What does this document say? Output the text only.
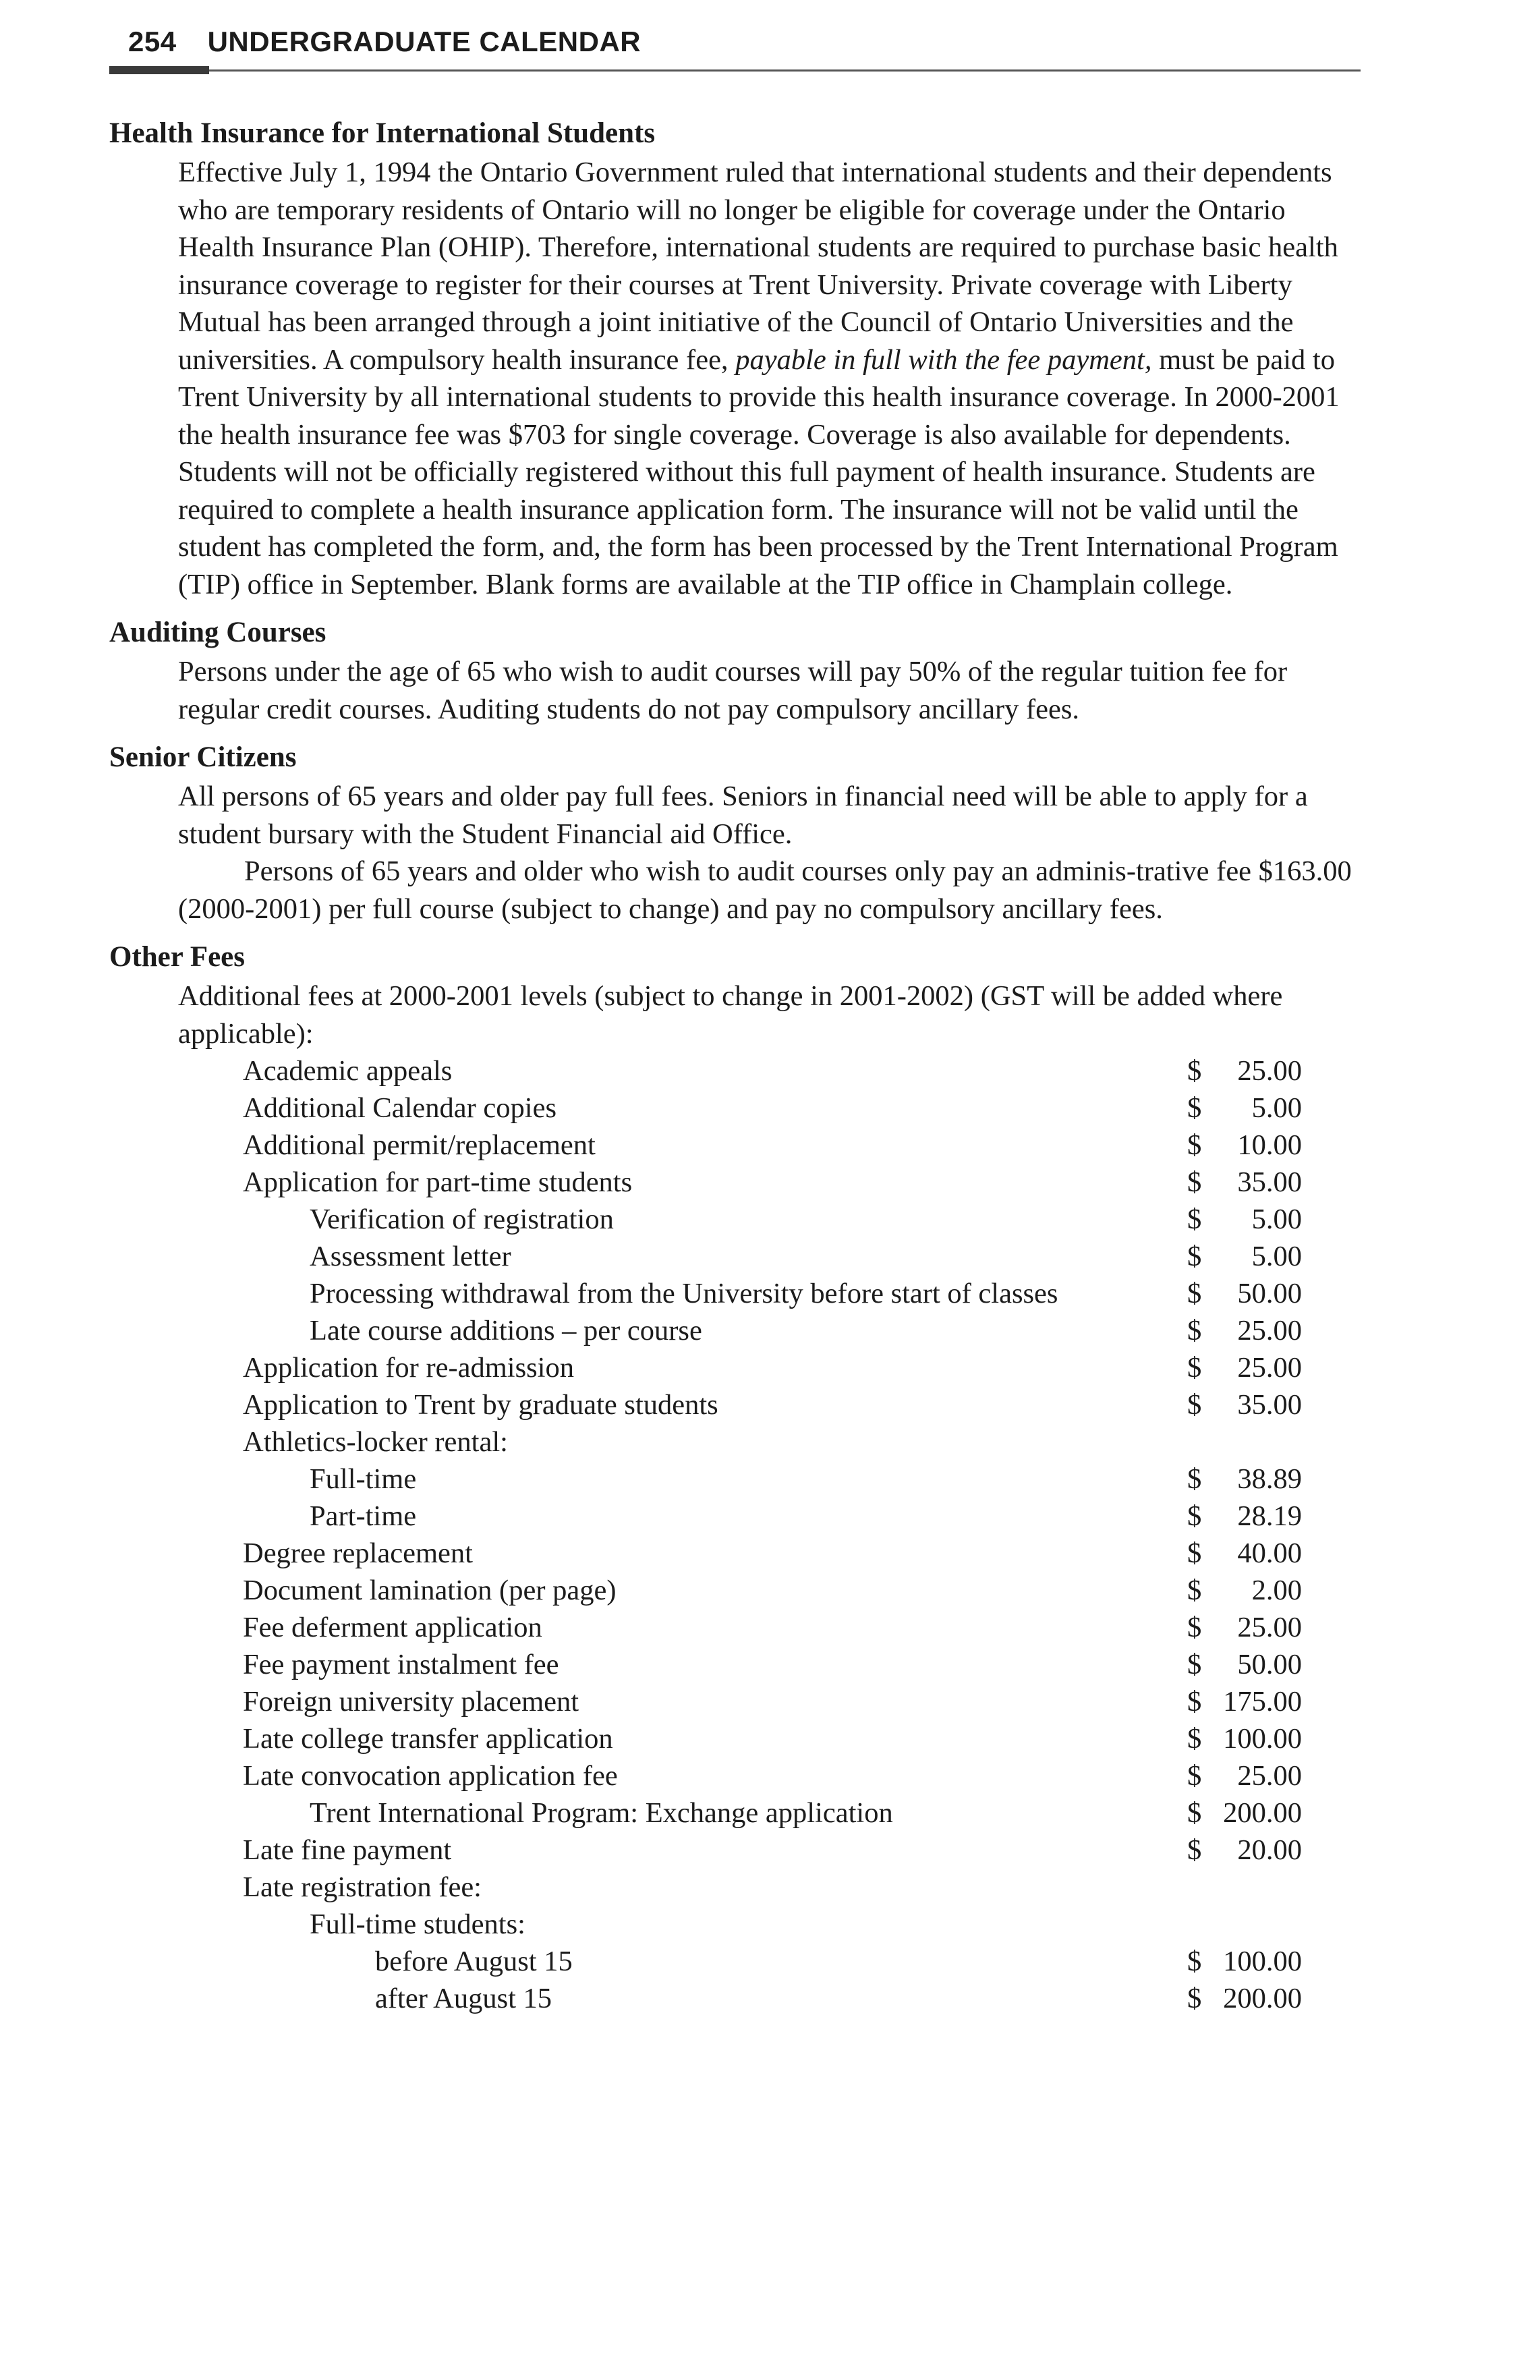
254 UNDERGRADUATE CALENDAR
Health Insurance for International Students
Effective July 1, 1994 the Ontario Government ruled that international students and their dependents who are temporary residents of Ontario will no longer be eligible for coverage under the Ontario Health Insurance Plan (OHIP). Therefore, international students are required to purchase basic health insurance coverage to register for their courses at Trent University. Private coverage with Liberty Mutual has been arranged through a joint initiative of the Council of Ontario Universities and the universities. A compulsory health insurance fee, payable in full with the fee payment, must be paid to Trent University by all international students to provide this health insurance coverage. In 2000-2001 the health insurance fee was $703 for single coverage. Coverage is also available for dependents. Students will not be officially registered without this full payment of health insurance. Students are required to complete a health insurance application form. The insurance will not be valid until the student has completed the form, and, the form has been processed by the Trent International Program (TIP) office in September. Blank forms are available at the TIP office in Champlain college.
Auditing Courses
Persons under the age of 65 who wish to audit courses will pay 50% of the regular tuition fee for regular credit courses. Auditing students do not pay compulsory ancillary fees.
Senior Citizens
All persons of 65 years and older pay full fees. Seniors in financial need will be able to apply for a student bursary with the Student Financial aid Office.
Persons of 65 years and older who wish to audit courses only pay an adminis-trative fee $163.00 (2000-2001) per full course (subject to change) and pay no compulsory ancillary fees.
Other Fees
Additional fees at 2000-2001 levels (subject to change in 2001-2002) (GST will be added where applicable):
Academic appeals	$ 25.00
Additional Calendar copies	$ 5.00
Additional permit/replacement	$ 10.00
Application for part-time students	$ 35.00
Verification of registration	$ 5.00
Assessment letter	$ 5.00
Processing withdrawal from the University before start of classes	$ 50.00
Late course additions – per course	$ 25.00
Application for re-admission	$ 25.00
Application to Trent by graduate students	$ 35.00
Athletics-locker rental:
Full-time	$ 38.89
Part-time	$ 28.19
Degree replacement	$ 40.00
Document lamination (per page)	$ 2.00
Fee deferment application	$ 25.00
Fee payment instalment fee	$ 50.00
Foreign university placement	$ 175.00
Late college transfer application	$ 100.00
Late convocation application fee	$ 25.00
Trent International Program: Exchange application	$ 200.00
Late fine payment	$ 20.00
Late registration fee:
Full-time students:
before August 15	$ 100.00
after August 15	$ 200.00
